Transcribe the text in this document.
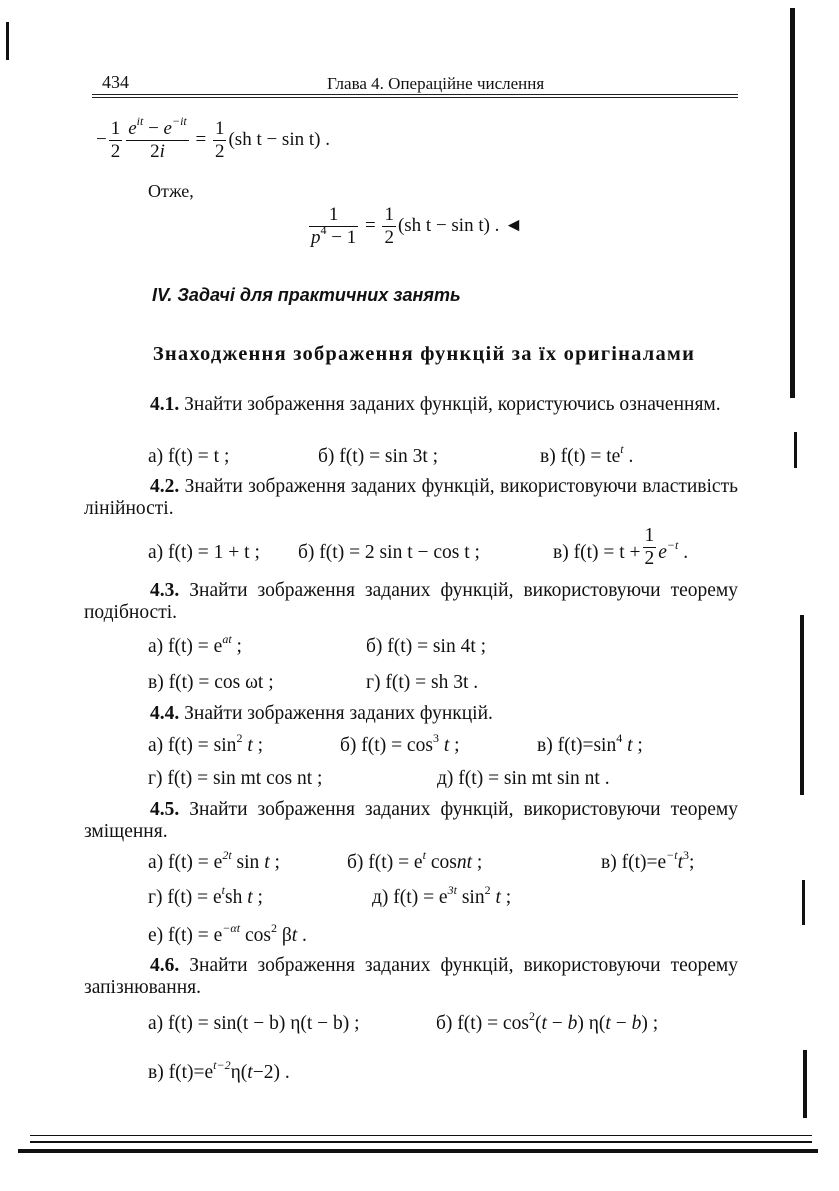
434	Глава 4. Операційне числення
− $\frac{1}{2} \frac{e^{it} - e^{-it}}{2i} = \frac{1}{2} (sh$ t − sin t) .
Отже,
$\frac{1}{p^4 - 1} = \frac{1}{2} (sh$ t − sin t) . ◄
IV. Задачі для практичних занять
Знаходження зображення функцій за їх оригіналами
4.1. Знайти зображення заданих функцій, користуючись означенням.
а) f(t) = t ;	б) f(t) = sin 3t ;	в) $f(t) = te^t$ .
4.2. Знайти зображення заданих функцій, використовуючи властивість лінійності.
а) f(t) = 1 + t ; б) f(t) = 2 sin t − cos t ;	в) $f(t) = t + \frac{1}{2} e^{-t}$ .
4.3. Знайти зображення заданих функцій, використовуючи теорему подібності.
а) $f(t) = e^{at}$ ;	б) f(t) = sin 4t ;
в) f(t) = cos ωt ;	г) f(t) = sh 3t .
4.4. Знайти зображення заданих функцій.
а) $f(t) = \sin^2 t$ ;	б) $f(t) = \cos^3 t$ ;	в) $f(t)=\sin^4$ t ;
г) f(t) = sin mt cos nt ;	д) f(t) = sin mt sin nt .
4.5. Знайти зображення заданих функцій, використовуючи теорему зміщення.
а) $f(t) = e^{2t}$ sin t ;	б) $f(t) = e^t$ cosnt ;	в) $f(t)=e^{-t}t^3$;
г) $f(t) = e^tsh$ t ;	д) $f(t) = e^{3t}$ $\sin^2 t$ ;
е) $f(t) = e^{-\alpha t}$ $\cos^2 \beta t$ .
4.6. Знайти зображення заданих функцій, використовуючи теорему запізнювання.
а) f(t) = sin(t − b) η(t − b) ;	б) $f(t) = \cos^2(t - b) \eta(t - b)$ ;
в) $f(t)=e^{t-2}\eta(t-2)$ .
